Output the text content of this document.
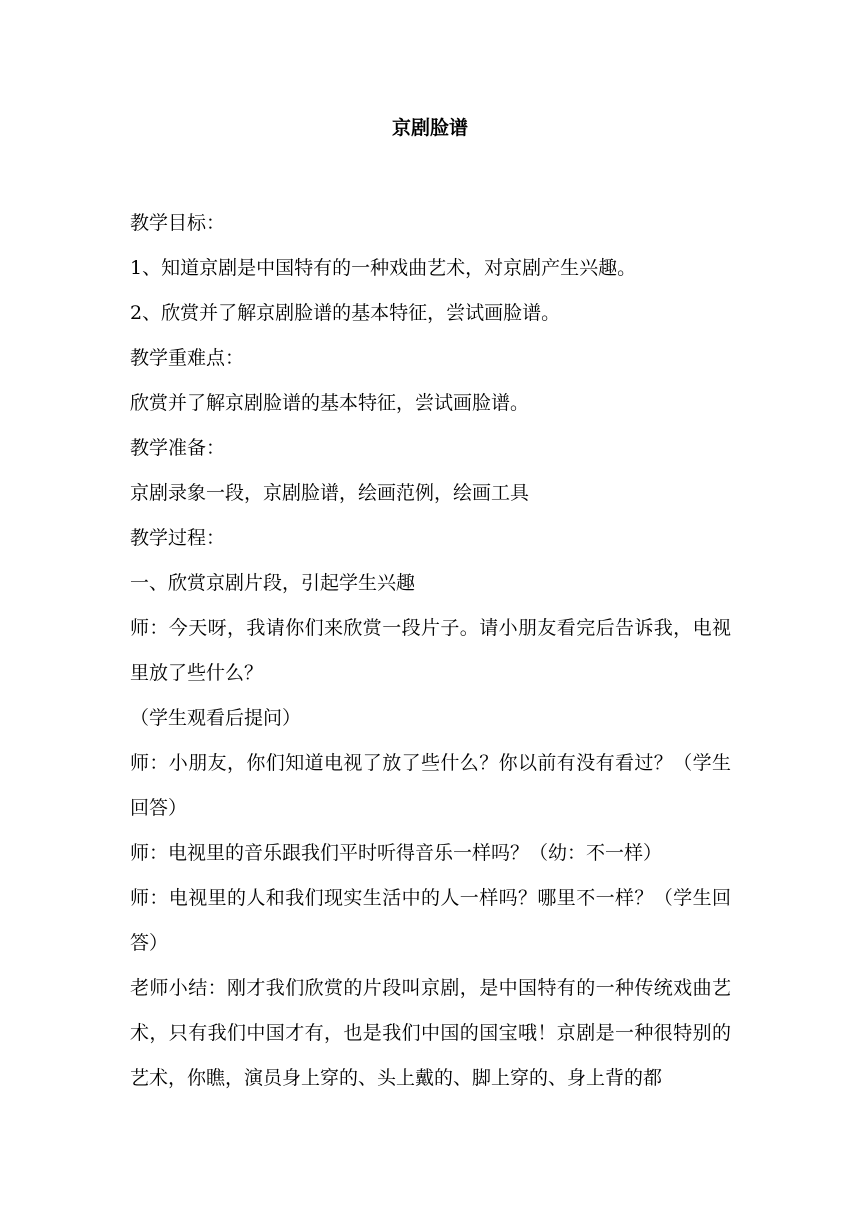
京剧脸谱

教学目标：

1、知道京剧是中国特有的一种戏曲艺术，对京剧产生兴趣。

2、欣赏并了解京剧脸谱的基本特征，尝试画脸谱。

教学重难点：

欣赏并了解京剧脸谱的基本特征，尝试画脸谱。

教学准备：

京剧录象一段，京剧脸谱，绘画范例，绘画工具

教学过程：

一、欣赏京剧片段，引起学生兴趣

师：今天呀，我请你们来欣赏一段片子。请小朋友看完后告诉我，电视里放了些什么？

（学生观看后提问）

师：小朋友，你们知道电视了放了些什么？你以前有没有看过？（学生回答）

师：电视里的音乐跟我们平时听得音乐一样吗？（幼：不一样）

师：电视里的人和我们现实生活中的人一样吗？哪里不一样？（学生回答）

老师小结：刚才我们欣赏的片段叫京剧，是中国特有的一种传统戏曲艺术，只有我们中国才有，也是我们中国的国宝哦！京剧是一种很特别的艺术，你瞧，演员身上穿的、头上戴的、脚上穿的、身上背的都
